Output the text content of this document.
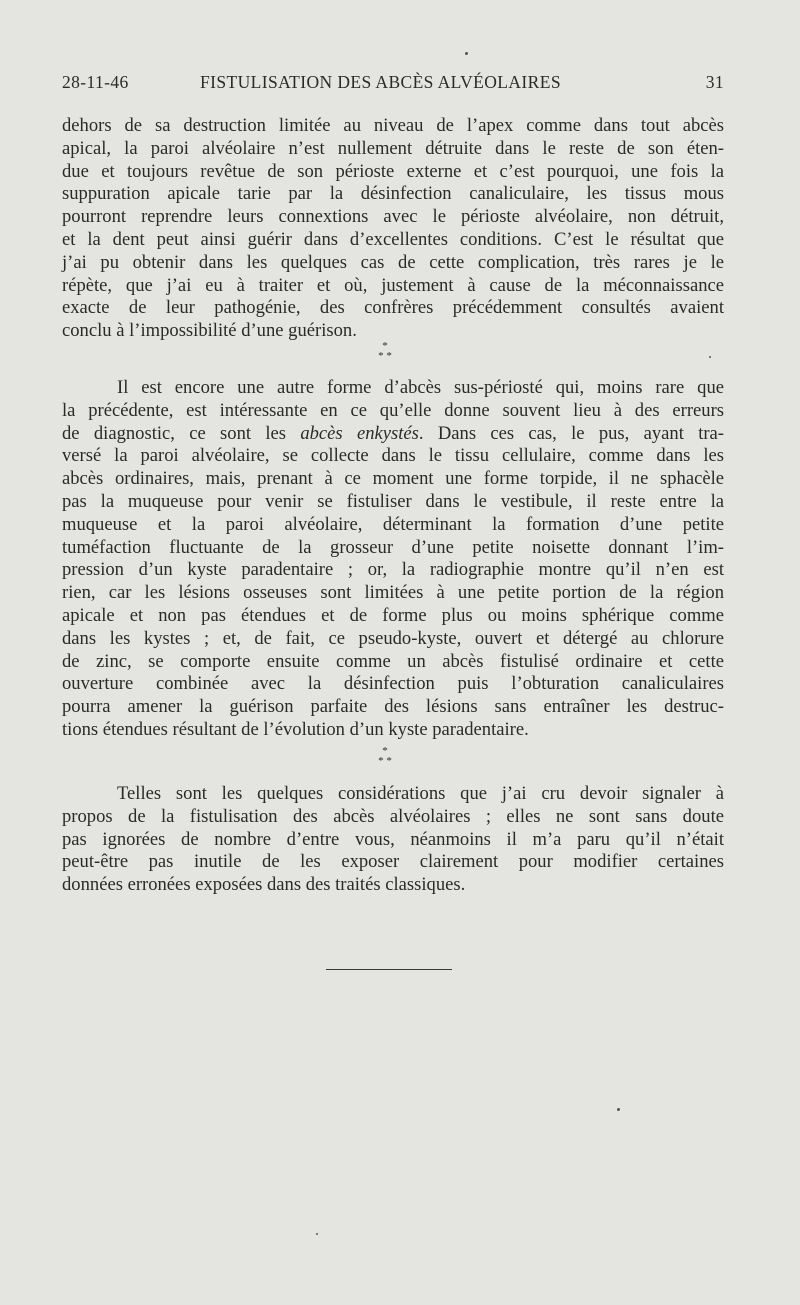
28-11-46	FISTULISATION DES ABCÈS ALVÉOLAIRES	31
dehors de sa destruction limitée au niveau de l’apex comme dans tout abcès
apical, la paroi alvéolaire n’est nullement détruite dans le reste de son éten-
due et toujours revêtue de son périoste externe et c’est pourquoi, une fois la
suppuration apicale tarie par la désinfection canaliculaire, les tissus mous
pourront reprendre leurs connextions avec le périoste alvéolaire, non détruit,
et la dent peut ainsi guérir dans d’excellentes conditions. C’est le résultat que
j’ai pu obtenir dans les quelques cas de cette complication, très rares je le
répète, que j’ai eu à traiter et où, justement à cause de la méconnaissance
exacte de leur pathogénie, des confrères précédemment consultés avaient
conclu à l’impossibilité d’une guérison.
*
* *
Il est encore une autre forme d’abcès sus-périosté qui, moins rare que
la précédente, est intéressante en ce qu’elle donne souvent lieu à des erreurs
de diagnostic, ce sont les abcès enkystés. Dans ces cas, le pus, ayant tra-
versé la paroi alvéolaire, se collecte dans le tissu cellulaire, comme dans les
abcès ordinaires, mais, prenant à ce moment une forme torpide, il ne sphacèle
pas la muqueuse pour venir se fistuliser dans le vestibule, il reste entre la
muqueuse et la paroi alvéolaire, déterminant la formation d’une petite
tuméfaction fluctuante de la grosseur d’une petite noisette donnant l’im-
pression d’un kyste paradentaire ; or, la radiographie montre qu’il n’en est
rien, car les lésions osseuses sont limitées à une petite portion de la région
apicale et non pas étendues et de forme plus ou moins sphérique comme
dans les kystes ; et, de fait, ce pseudo-kyste, ouvert et détergé au chlorure
de zinc, se comporte ensuite comme un abcès fistulisé ordinaire et cette
ouverture combinée avec la désinfection puis l’obturation canaliculaires
pourra amener la guérison parfaite des lésions sans entraîner les destruc-
tions étendues résultant de l’évolution d’un kyste paradentaire.
*
* *
Telles sont les quelques considérations que j’ai cru devoir signaler à
propos de la fistulisation des abcès alvéolaires ; elles ne sont sans doute
pas ignorées de nombre d’entre vous, néanmoins il m’a paru qu’il n’était
peut-être pas inutile de les exposer clairement pour modifier certaines
données erronées exposées dans des traités classiques.
